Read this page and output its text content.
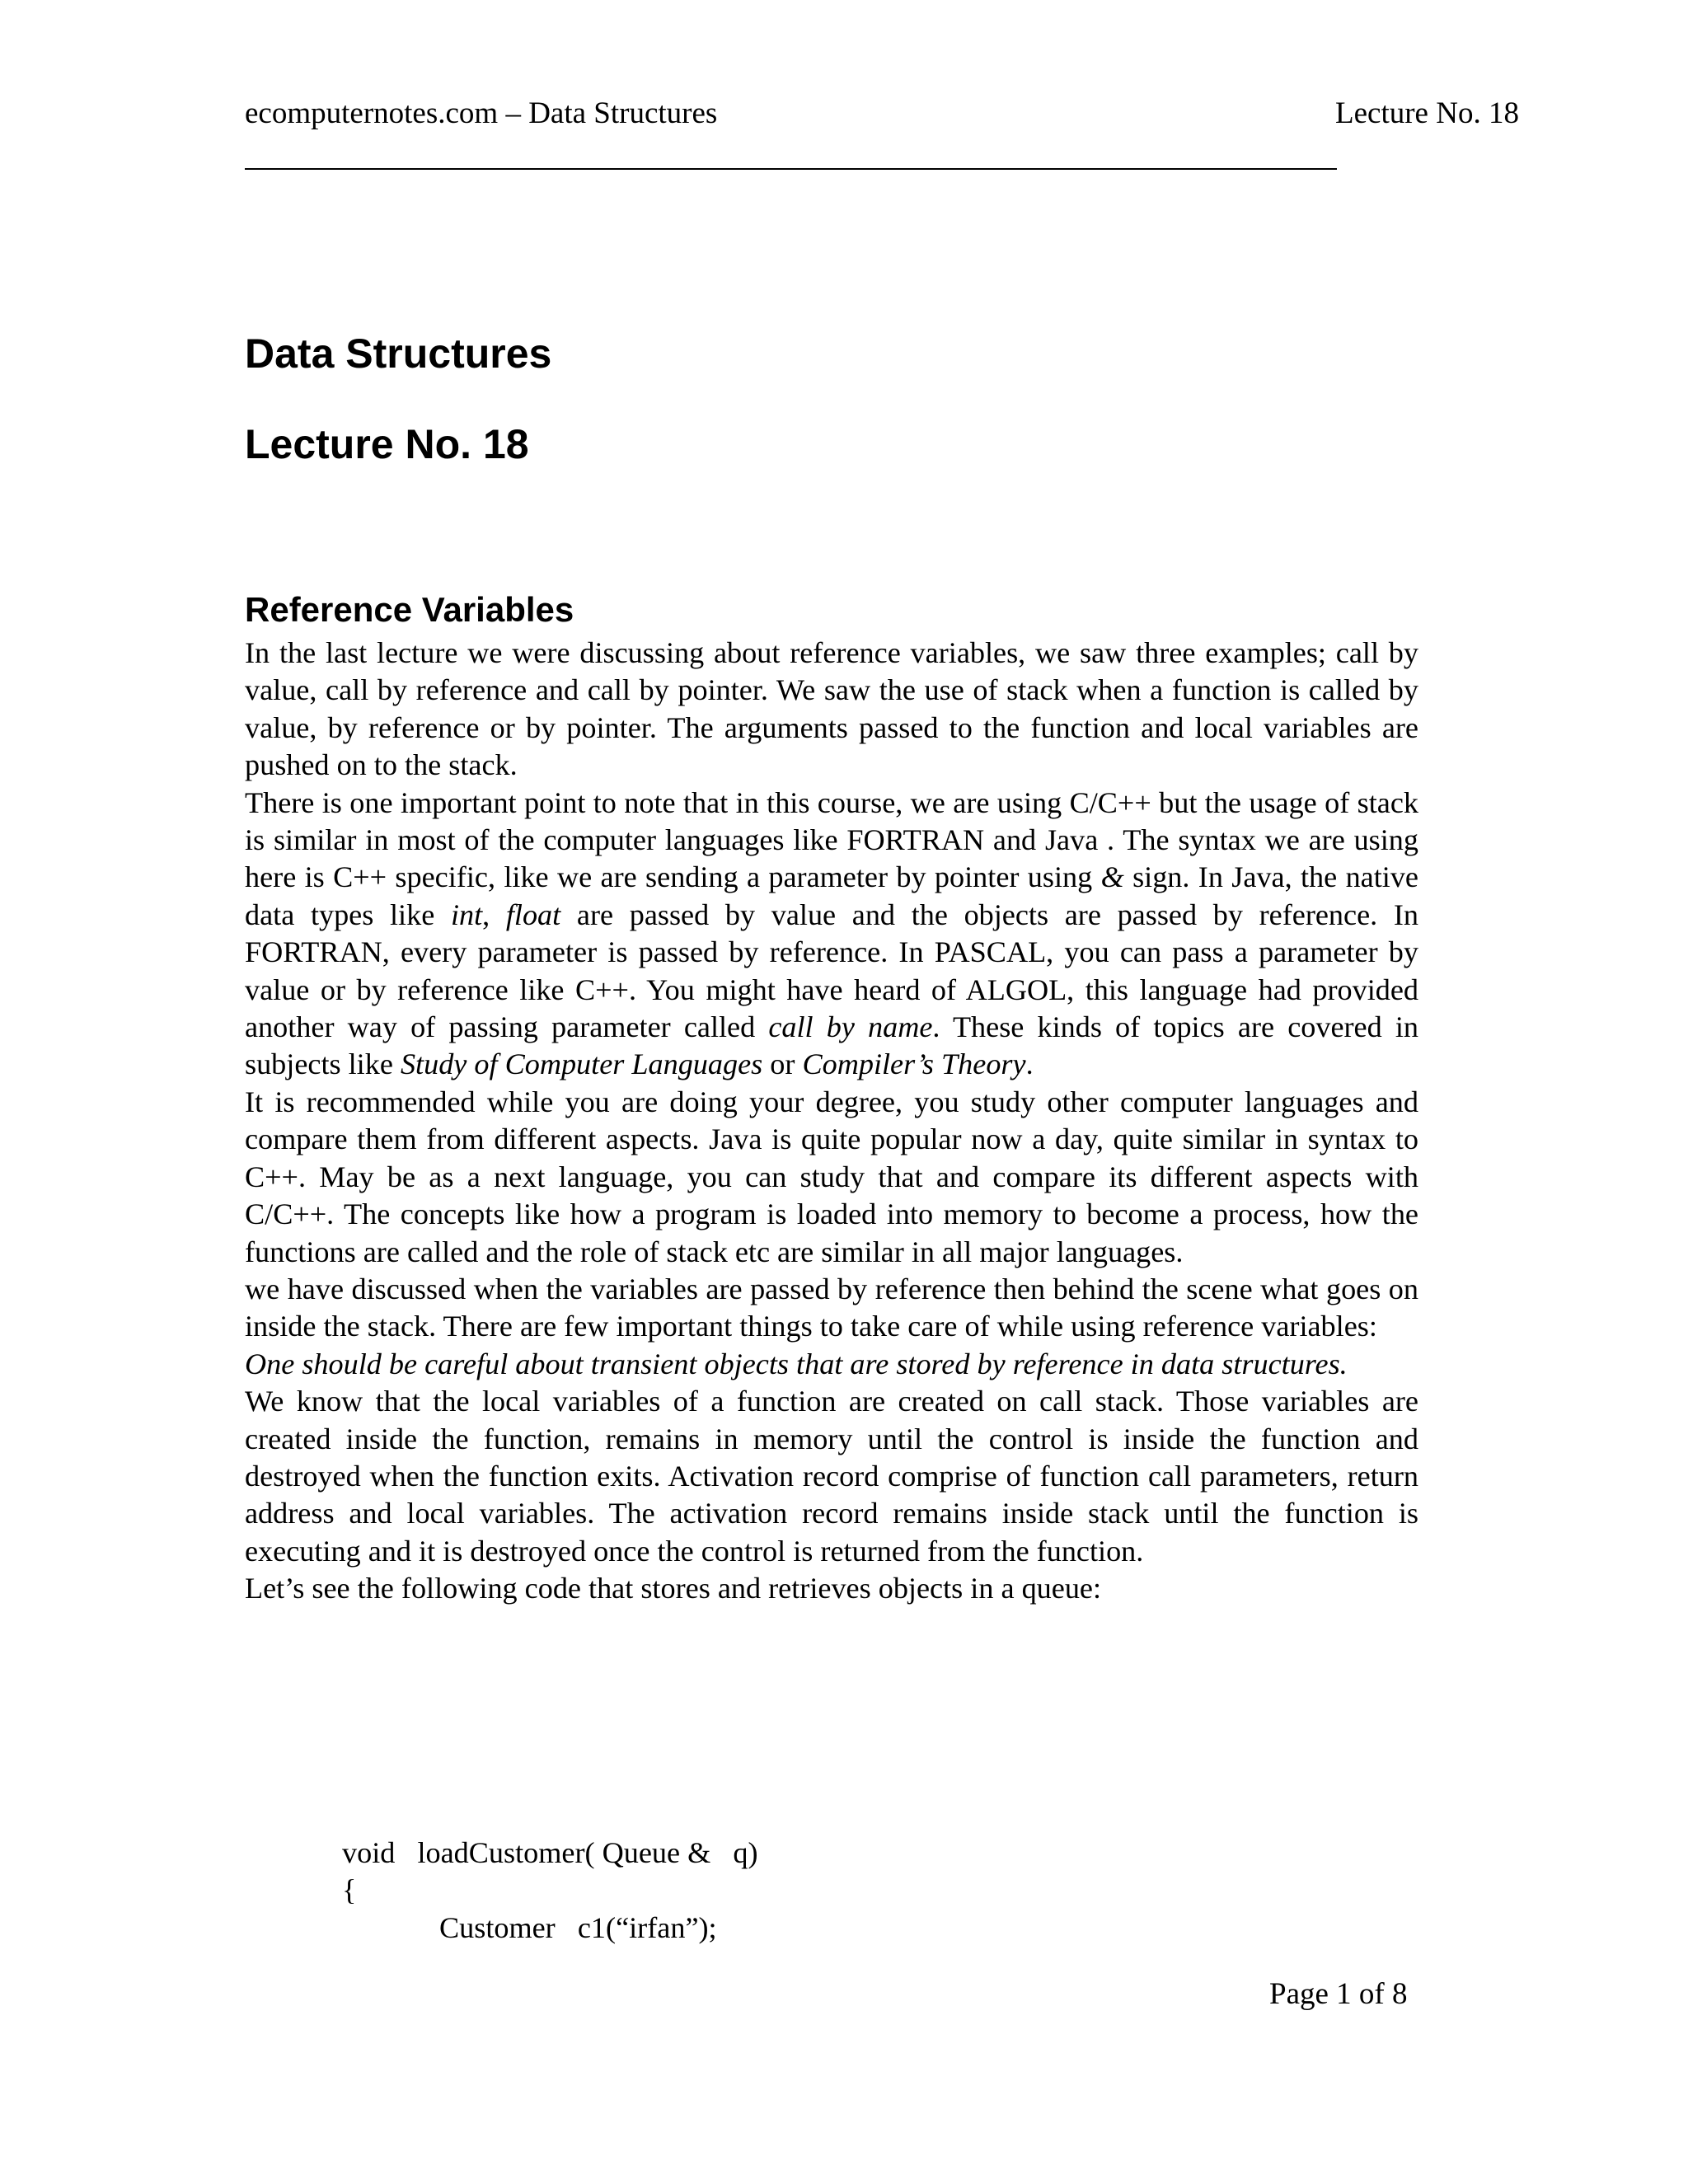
ecomputernotes.com – Data Structures	Lecture No. 18
Data Structures
Lecture No. 18
Reference Variables

In the last lecture we were discussing about reference variables, we saw three examples; call by value, call by reference and call by pointer. We saw the use of stack when a function is called by value, by reference or by pointer. The arguments passed to the function and local variables are pushed on to the stack.

There is one important point to note that in this course, we are using C/C++ but the usage of stack is similar in most of the computer languages like FORTRAN and Java . The syntax we are using here is C++ specific, like we are sending a parameter by pointer using & sign. In Java, the native data types like int, float are passed by value and the objects are passed by reference. In FORTRAN, every parameter is passed by reference. In PASCAL, you can pass a parameter by value or by reference like C++. You might have heard of ALGOL, this language had provided another way of passing parameter called call by name. These kinds of topics are covered in subjects like Study of Computer Languages or Compiler’s Theory.

It is recommended while you are doing your degree, you study other computer languages and compare them from different aspects. Java is quite popular now a day, quite similar in syntax to C++. May be as a next language, you can study that and compare its different aspects with C/C++. The concepts like how a program is loaded into memory to become a process, how the functions are called and the role of stack etc are similar in all major languages.

we have discussed when the variables are passed by reference then behind the scene what goes on inside the stack. There are few important things to take care of while using reference variables:

One should be careful about transient objects that are stored by reference in data structures.

We know that the local variables of a function are created on call stack. Those variables are created inside the function, remains in memory until the control is inside the function and destroyed when the function exits. Activation record comprise of function call parameters, return address and local variables. The activation record remains inside stack until the function is executing and it is destroyed once the control is returned from the function.

Let’s see the following code that stores and retrieves objects in a queue:

void   loadCustomer( Queue &   q)
{
Customer   c1(“irfan”);
Page 1 of 8
